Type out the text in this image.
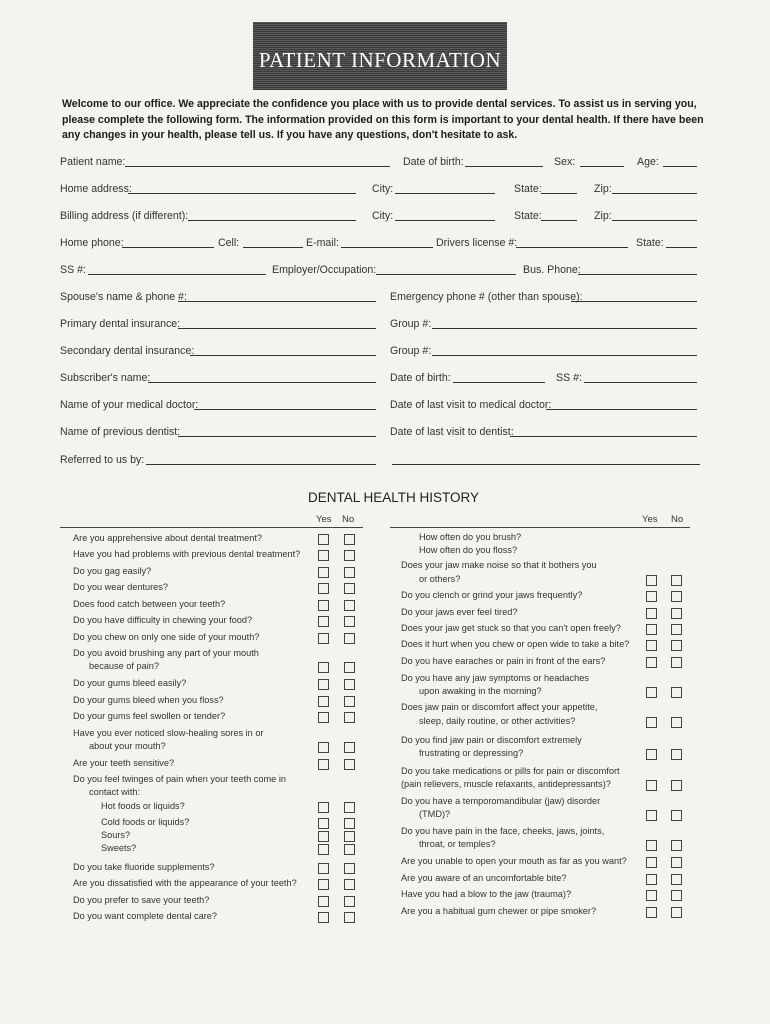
PATIENT INFORMATION
Welcome to our office. We appreciate the confidence you place with us to provide dental services. To assist us in serving you, please complete the following form. The information provided on this form is important to your dental health. If there have been any changes in your health, please tell us. If you have any questions, don't hesitate to ask.
Patient name:	Date of birth:	Sex:	Age:
Home address:	City:	State:	Zip:
Billing address (if different):	City:	State:	Zip:
Home phone:	Cell:	E-mail:	Drivers license #:	State:
SS #:	Employer/Occupation:	Bus. Phone:
Spouse's name & phone #:	Emergency phone # (other than spouse):
Primary dental insurance:	Group #:
Secondary dental insurance:	Group #:
Subscriber's name:	Date of birth:	SS #:
Name of your medical doctor:	Date of last visit to medical doctor:
Name of previous dentist:	Date of last visit to dentist:
Referred to us by:
DENTAL HEALTH HISTORY
Yes No	Yes No
Are you apprehensive about dental treatment?
Have you had problems with previous dental treatment?
Do you gag easily?
Do you wear dentures?
Does food catch between your teeth?
Do you have difficulty in chewing your food?
Do you chew on only one side of your mouth?
Do you avoid brushing any part of your mouth
because of pain?
Do your gums bleed easily?
Do your gums bleed when you floss?
Do your gums feel swollen or tender?
Have you ever noticed slow-healing sores in or
about your mouth?
Are your teeth sensitive?
Do you feel twinges of pain when your teeth come in
contact with:
Hot foods or liquids?
Cold foods or liquids?
Sours?
Sweets?
Do you take fluoride supplements?
Are you dissatisfied with the appearance of your teeth?
Do you prefer to save your teeth?
Do you want complete dental care?
How often do you brush?
How often do you floss?
Does your jaw make noise so that it bothers you
or others?
Do you clench or grind your jaws frequently?
Do your jaws ever feel tired?
Does your jaw get stuck so that you can't open freely?
Does it hurt when you chew or open wide to take a bite?
Do you have earaches or pain in front of the ears?
Do you have any jaw symptoms or headaches
upon awaking in the morning?
Does jaw pain or discomfort affect your appetite,
sleep, daily routine, or other activities?
Do you find jaw pain or discomfort extremely
frustrating or depressing?
Do you take medications or pills for pain or discomfort
(pain relievers, muscle relaxants, antidepressants)?
Do you have a temporomandibular (jaw) disorder
(TMD)?
Do you have pain in the face, cheeks, jaws, joints,
throat, or temples?
Are you unable to open your mouth as far as you want?
Are you aware of an uncomfortable bite?
Have you had a blow to the jaw (trauma)?
Are you a habitual gum chewer or pipe smoker?
